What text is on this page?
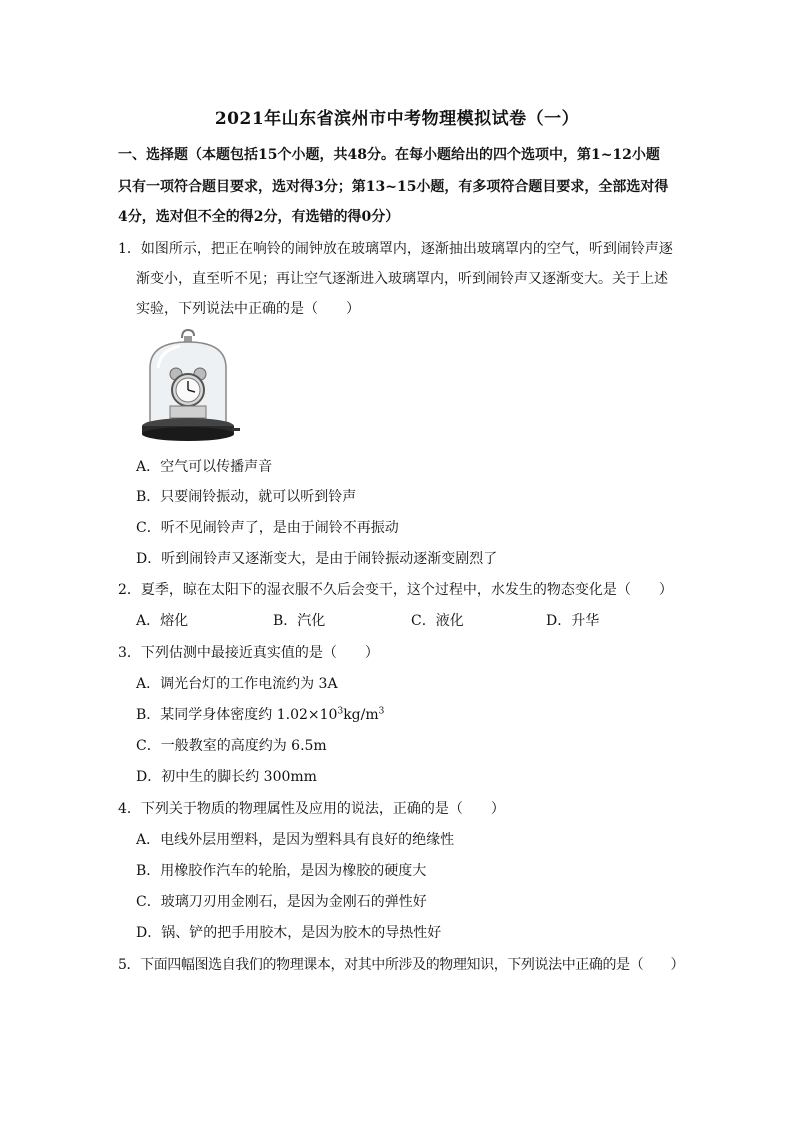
2021年山东省滨州市中考物理模拟试卷（一）
一、选择题（本题包括15个小题，共48分。在每小题给出的四个选项中，第1~12小题
只有一项符合题目要求，选对得3分；第13~15小题，有多项符合题目要求，全部选对得
4分，选对但不全的得2分，有选错的得0分）
1．如图所示，把正在响铃的闹钟放在玻璃罩内，逐渐抽出玻璃罩内的空气，听到闹铃声逐
渐变小，直至听不见；再让空气逐渐进入玻璃罩内，听到闹铃声又逐渐变大。关于上述
实验，下列说法中正确的是（　　）
A．空气可以传播声音
B．只要闹铃振动，就可以听到铃声
C．听不见闹铃声了，是由于闹铃不再振动
D．听到闹铃声又逐渐变大，是由于闹铃振动逐渐变剧烈了
2．夏季，晾在太阳下的湿衣服不久后会变干，这个过程中，水发生的物态变化是（　　）
A．熔化	B．汽化	C．液化	D．升华
3．下列估测中最接近真实值的是（　　）
A．调光台灯的工作电流约为 3A
B．某同学身体密度约 $1.02\times 10^3kg/m^3$
C．一般教室的高度约为 6.5m
D．初中生的脚长约 300mm
4．下列关于物质的物理属性及应用的说法，正确的是（　　）
A．电线外层用塑料，是因为塑料具有良好的绝缘性
B．用橡胶作汽车的轮胎，是因为橡胶的硬度大
C．玻璃刀刃用金刚石，是因为金刚石的弹性好
D．锅、铲的把手用胶木，是因为胶木的导热性好
5．下面四幅图选自我们的物理课本，对其中所涉及的物理知识，下列说法中正确的是（　　）
